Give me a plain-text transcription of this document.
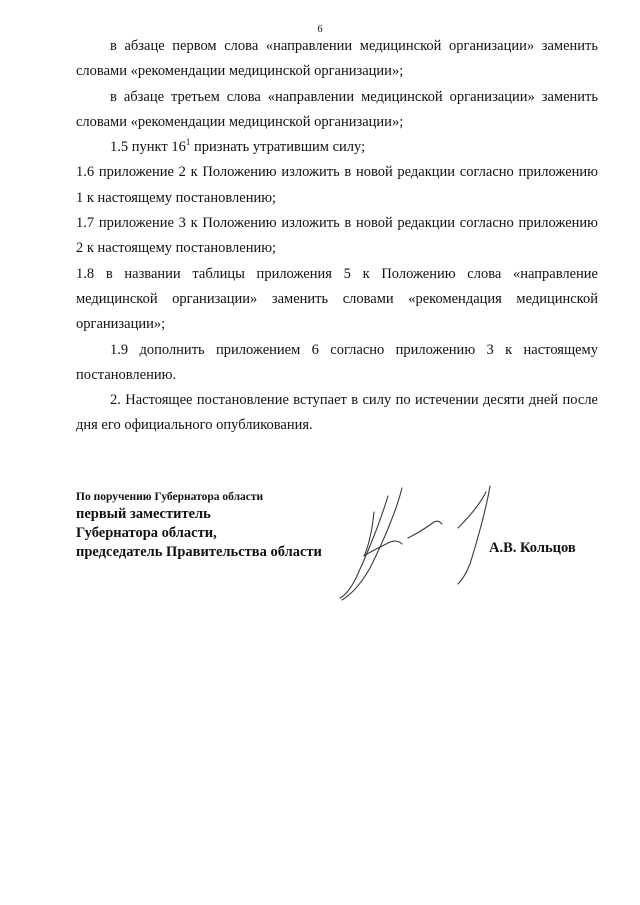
6

в абзаце первом слова «направлении медицинской организации» заменить словами «рекомендации медицинской организации»;

в абзаце третьем слова «направлении медицинской организации» заменить словами «рекомендации медицинской организации»;

1.5 пункт $16^1$ признать утратившим силу;

1.6 приложение 2 к Положению изложить в новой редакции согласно приложению 1 к настоящему постановлению;

1.7 приложение 3 к Положению изложить в новой редакции согласно приложению 2 к настоящему постановлению;

1.8 в названии таблицы приложения 5 к Положению слова «направление медицинской организации» заменить словами «рекомендация медицинской организации»;

1.9 дополнить приложением 6 согласно приложению 3 к настоящему постановлению.

2. Настоящее постановление вступает в силу по истечении десяти дней после дня его официального опубликования.

По поручению Губернатора области
первый заместитель
Губернатора области,
председатель Правительства области	А.В. Кольцов
